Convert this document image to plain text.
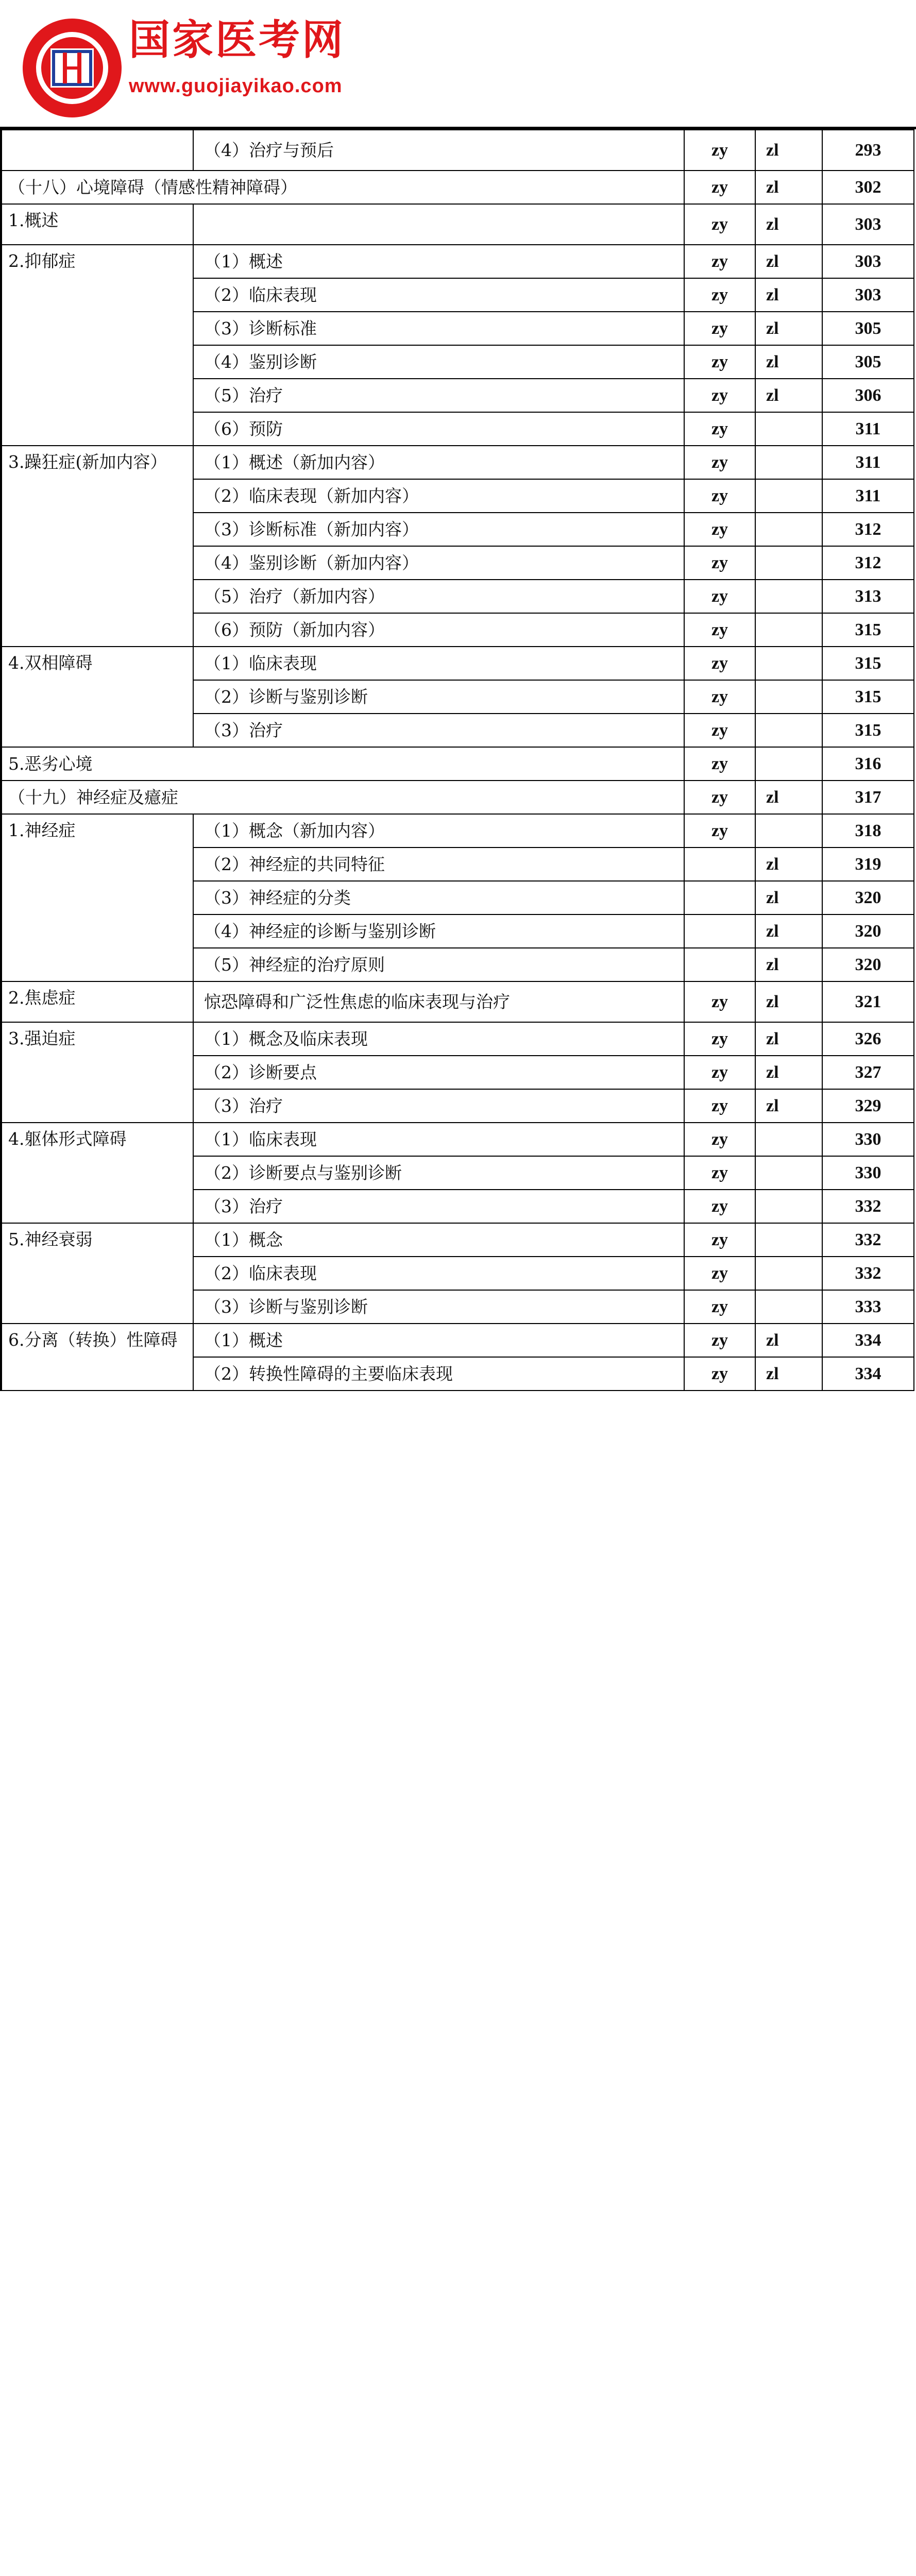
国家医考网
www.guojiayikao.com
	（4）治疗与预后	zy	zl	293
（十八）心境障碍（情感性精神障碍）		zy	zl	302
1.概述		zy	zl	303
2.抑郁症	（1）概述	zy	zl	303
	（2）临床表现	zy	zl	303
	（3）诊断标准	zy	zl	305
	（4）鉴别诊断	zy	zl	305
	（5）治疗	zy	zl	306
	（6）预防	zy		311
3.躁狂症(新加内容）	（1）概述（新加内容）	zy		311
	（2）临床表现（新加内容）	zy		311
	（3）诊断标准（新加内容）	zy		312
	（4）鉴别诊断（新加内容）	zy		312
	（5）治疗（新加内容）	zy		313
	（6）预防（新加内容）	zy		315
4.双相障碍	（1）临床表现	zy		315
	（2）诊断与鉴别诊断	zy		315
	（3）治疗	zy		315
5.恶劣心境		zy		316
（十九）神经症及癔症		zy	zl	317
1.神经症	（1）概念（新加内容）	zy		318
	（2）神经症的共同特征		zl	319
	（3）神经症的分类		zl	320
	（4）神经症的诊断与鉴别诊断		zl	320
	（5）神经症的治疗原则		zl	320
2.焦虑症	惊恐障碍和广泛性焦虑的临床表现与治疗	zy	zl	321
3.强迫症	（1）概念及临床表现	zy	zl	326
	（2）诊断要点	zy	zl	327
	（3）治疗	zy	zl	329
4.躯体形式障碍	（1）临床表现	zy		330
	（2）诊断要点与鉴别诊断	zy		330
	（3）治疗	zy		332
5.神经衰弱	（1）概念	zy		332
	（2）临床表现	zy		332
	（3）诊断与鉴别诊断	zy		333
6.分离（转换）性障碍	（1）概述	zy	zl	334
	（2）转换性障碍的主要临床表现	zy	zl	334
